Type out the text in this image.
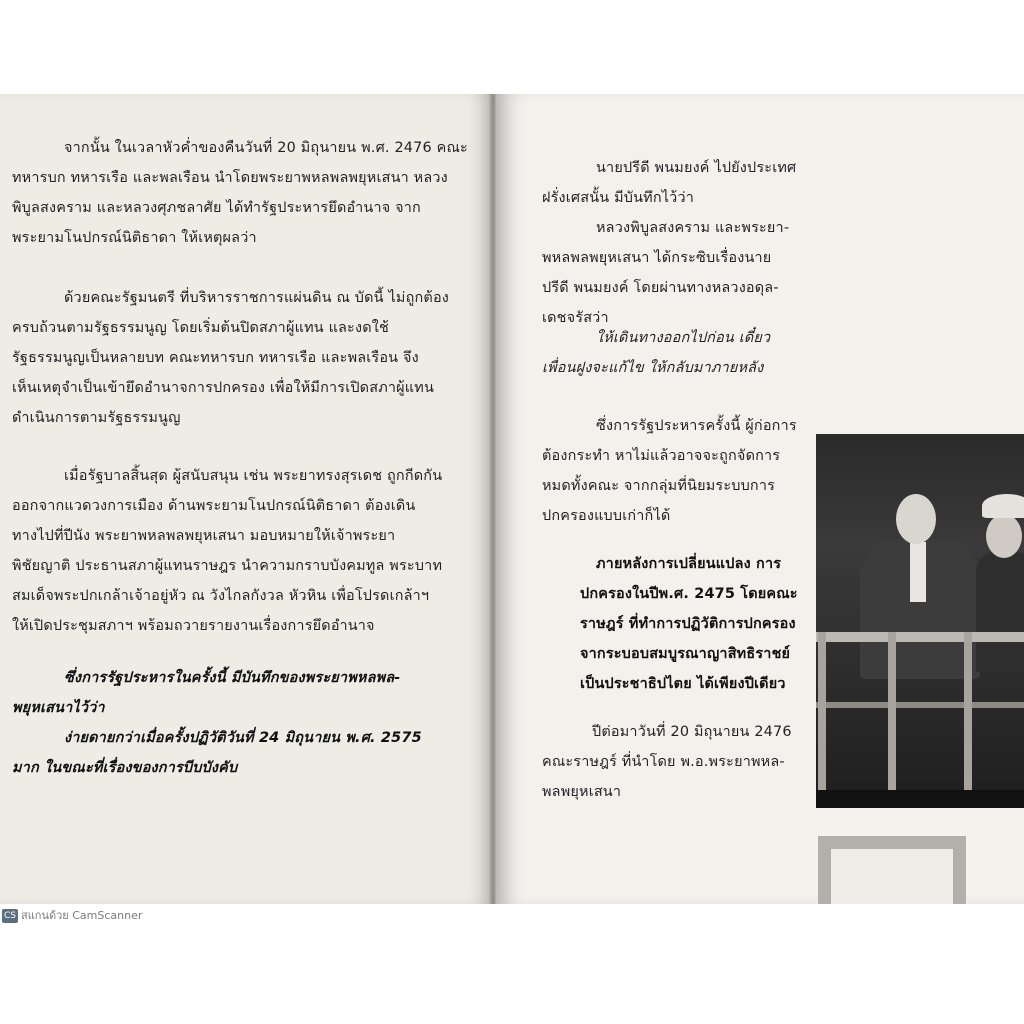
จากนั้น ในเวลาหัวค่ำของคืนวันที่ 20 มิถุนายน พ.ศ. 2476 คณะ
ทหารบก ทหารเรือ และพลเรือน นำโดยพระยาพหลพลพยุหเสนา หลวง
พิบูลสงคราม และหลวงศุภชลาศัย ได้ทำรัฐประหารยึดอำนาจ จาก
พระยามโนปกรณ์นิติธาดา ให้เหตุผลว่า
ด้วยคณะรัฐมนตรี ที่บริหารราชการแผ่นดิน ณ บัดนี้ ไม่ถูกต้อง
ครบถ้วนตามรัฐธรรมนูญ โดยเริ่มต้นปิดสภาผู้แทน และงดใช้
รัฐธรรมนูญเป็นหลายบท คณะทหารบก ทหารเรือ และพลเรือน จึง
เห็นเหตุจำเป็นเข้ายึดอำนาจการปกครอง เพื่อให้มีการเปิดสภาผู้แทน
ดำเนินการตามรัฐธรรมนูญ
เมื่อรัฐบาลสิ้นสุด ผู้สนับสนุน เช่น พระยาทรงสุรเดช ถูกกีดกัน
ออกจากแวดวงการเมือง ด้านพระยามโนปกรณ์นิติธาดา ต้องเดิน
ทางไปที่ปีนัง พระยาพหลพลพยุหเสนา มอบหมายให้เจ้าพระยา
พิชัยญาติ ประธานสภาผู้แทนราษฎร นำความกราบบังคมทูล พระบาท
สมเด็จพระปกเกล้าเจ้าอยู่หัว ณ วังไกลกังวล หัวหิน เพื่อโปรดเกล้าฯ
ให้เปิดประชุมสภาฯ พร้อมถวายรายงานเรื่องการยึดอำนาจ
ซึ่งการรัฐประหารในครั้งนี้ มีบันทึกของพระยาพหลพล-
พยุหเสนาไว้ว่า
ง่ายดายกว่าเมื่อครั้งปฏิวัติวันที่ 24 มิถุนายน พ.ศ. 2575
มาก ในขณะที่เรื่องของการบีบบังคับ
นายปรีดี พนมยงค์ ไปยังประเทศ
ฝรั่งเศสนั้น มีบันทึกไว้ว่า
หลวงพิบูลสงคราม และพระยา-
พหลพลพยุหเสนา ได้กระซิบเรื่องนาย
ปรีดี พนมยงค์ โดยผ่านทางหลวงอดุล-
เดชจรัสว่า
ให้เดินทางออกไปก่อน เดี๋ยว
เพื่อนฝูงจะแก้ไข ให้กลับมาภายหลัง
ซึ่งการรัฐประหารครั้งนี้ ผู้ก่อการ
ต้องกระทำ หาไม่แล้วอาจจะถูกจัดการ
หมดทั้งคณะ จากกลุ่มที่นิยมระบบการ
ปกครองแบบเก่าก็ได้
ภายหลังการเปลี่ยนแปลง การ
ปกครองในปีพ.ศ. 2475 โดยคณะ
ราษฎร์ ที่ทำการปฏิวัติการปกครอง
จากระบอบสมบูรณาญาสิทธิราชย์
เป็นประชาธิปไตย ได้เพียงปีเดียว
ปีต่อมาวันที่ 20 มิถุนายน 2476
คณะราษฎร์ ที่นำโดย พ.อ.พระยาพหล-
พลพยุหเสนา
CS สแกนด้วย CamScanner
